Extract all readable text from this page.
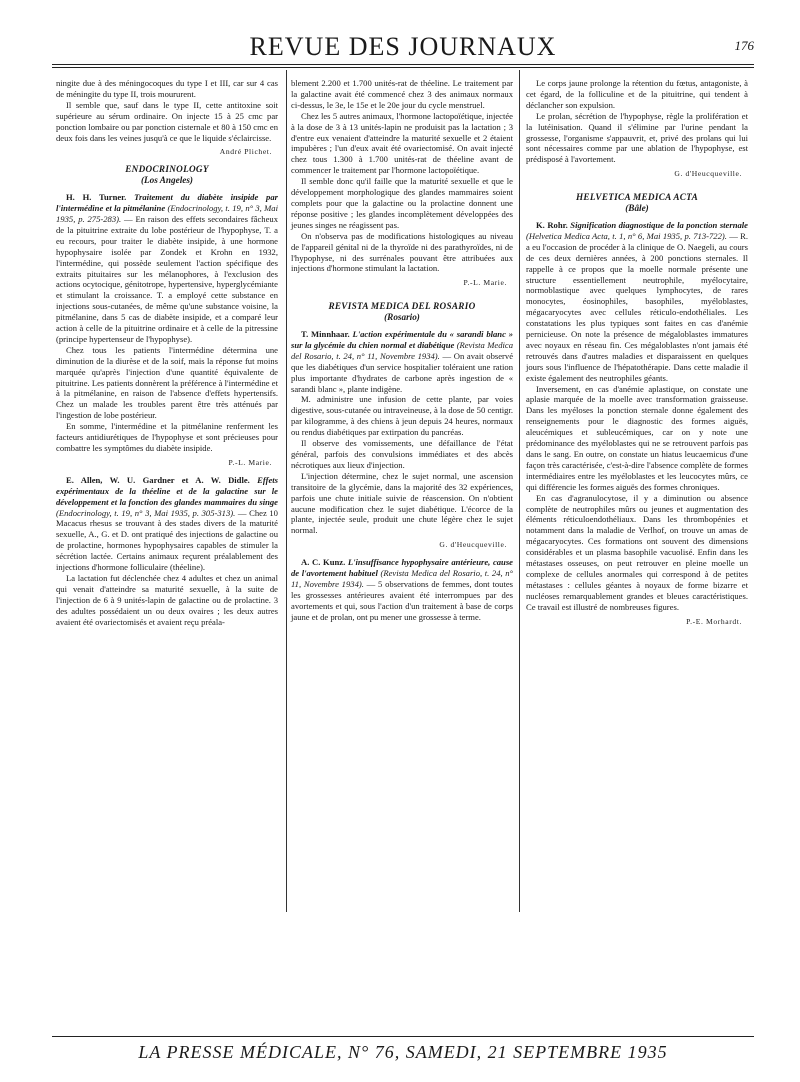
REVUE DES JOURNAUX	176

ningite due à des méningocoques du type I et III, car sur 4 cas de méningite du type II, trois moururent.

Il semble que, sauf dans le type II, cette antitoxine soit supérieure au sérum ordinaire. On injecte 15 à 25 cmc par ponction lombaire ou par ponction cisternale et 80 à 150 cmc en deux fois dans les veines jusqu'à ce que le liquide s'éclaircisse.

André Plichet.
ENDOCRINOLOGY
(Los Angeles)

H. H. Turner. Traitement du diabète insipide par l'intermédine et la pitmélanine (Endocrinology, t. 19, n° 3, Mai 1935, p. 275-283). — En raison des effets secondaires fâcheux de la pituitrine extraite du lobe postérieur de l'hypophyse, T. a eu recours, pour traiter le diabète insipide, à une hormone hypophysaire isolée par Zondek et Krohn en 1932, l'intermédine, qui possède seulement l'action spécifique des extraits pituitaires sur les mélanophores, à l'exclusion des actions ocytocique, génitotrope, hypertensive, hyperglycémiante et stimulant la croissance. T. a employé cette substance en injections sous-cutanées, de même qu'une substance voisine, la pitmélanine, dans 5 cas de diabète insipide, et a comparé leur action à celle de la pituitrine ordinaire et à celle de la pitressine (principe hypertenseur de l'hypophyse).

Chez tous les patients l'intermédine détermina une diminution de la diurèse et de la soif, mais la réponse fut moins marquée qu'après l'injection d'une quantité équivalente de pituitrine. Les patients donnèrent la préférence à l'intermédine et à la pitmélanine, en raison de l'absence d'effets hypertensifs. Chez un malade les troubles parent être très atténués par l'ingestion de lobe postérieur.

En somme, l'intermédine et la pitmélanine renferment les facteurs antidiurétiques de l'hypophyse et sont précieuses pour combattre les symptômes du diabète insipide.

P.-L. Marie.

E. Allen, W. U. Gardner et A. W. Didle. Effets expérimentaux de la théeline et de la galactine sur le développement et la fonction des glandes mammaires du singe (Endocrinology, t. 19, n° 3, Mai 1935, p. 305-313). — Chez 10 Macacus rhesus se trouvant à des stades divers de la maturité sexuelle, A., G. et D. ont pratiqué des injections de galactine ou de prolactine, hormones hypophysaires capables de stimuler la sécrétion lactée. Certains animaux reçurent préalablement des injections d'hormone folliculaire (théeline).

La lactation fut déclenchée chez 4 adultes et chez un animal qui venait d'atteindre sa maturité sexuelle, à la suite de l'injection de 6 à 9 unités-lapin de galactine ou de prolactine. 3 des adultes possédaient un ou deux ovaires ; les deux autres avaient été ovariectomisés et avaient reçu préala-

blement 2.200 et 1.700 unités-rat de théeline. Le traitement par la galactine avait été commencé chez 3 des animaux normaux ci-dessus, le 3e, le 15e et le 20e jour du cycle menstruel.

Chez les 5 autres animaux, l'hormone lactopoïétique, injectée à la dose de 3 à 13 unités-lapin ne produisit pas la lactation ; 3 d'entre eux venaient d'atteindre la maturité sexuelle et 2 étaient impubères ; l'un d'eux avait été ovariectomisé. On avait injecté chez tous 1.300 à 1.700 unités-rat de théeline avant de commencer le traitement par l'hormone lactopoïétique.

Il semble donc qu'il faille que la maturité sexuelle et que le développement morphologique des glandes mammaires soient complets pour que la galactine ou la prolactine donnent une réponse positive ; les glandes incomplètement développées des jeunes singes ne réagissent pas.

On n'observa pas de modifications histologiques au niveau de l'appareil génital ni de la thyroïde ni des parathyroïdes, ni de l'hypophyse, ni des surrénales pouvant être attribuées aux injections d'hormone stimulant la lactation.

P.-L. Marie.
REVISTA MEDICA DEL ROSARIO
(Rosario)

T. Minnhaar. L'action expérimentale du « sarandi blanc » sur la glycémie du chien normal et diabétique (Revista Medica del Rosario, t. 24, n° 11, Novembre 1934). — On avait observé que les diabétiques d'un service hospitalier toléraient une ration plus importante d'hydrates de carbone après ingestion de « sarandi blanc », plante indigène.

M. administre une infusion de cette plante, par voies digestive, sous-cutanée ou intraveineuse, à la dose de 50 centigr. par kilogramme, à des chiens à jeun depuis 24 heures, normaux ou rendus diabétiques par extirpation du pancréas.

Il observe des vomissements, une défaillance de l'état général, parfois des convulsions immédiates et des abcès nécrotiques aux lieux d'injection.

L'injection détermine, chez le sujet normal, une ascension transitoire de la glycémie, dans la majorité des 32 expériences, parfois une chute initiale suivie de réascension. On n'obtient aucune modification chez le sujet diabétique. L'écorce de la plante, injectée seule, produit une chute légère chez le sujet normal.

G. d'Heucqueville.

A. C. Kunz. L'insuffisance hypophysaire antérieure, cause de l'avortement habituel (Revista Medica del Rosario, t. 24, n° 11, Novembre 1934). — 5 observations de femmes, dont toutes les grossesses antérieures avaient été interrompues par des avortements et qui, sous l'action d'un traitement à base de corps jaune et de prolan, ont pu mener une grossesse à terme.

Le corps jaune prolonge la rétention du fœtus, antagoniste, à cet égard, de la folliculine et de la pituitrine, qui tendent à déclancher son expulsion.

Le prolan, sécrétion de l'hypophyse, règle la prolifération et la lutéinisation. Quand il s'élimine par l'urine pendant la grossesse, l'organisme s'appauvrit, et, privé des prolans qui lui sont nécessaires comme par une ablation de l'hypophyse, est prédisposé à l'avortement.

G. d'Heucqueville.
HELVETICA MEDICA ACTA
(Bâle)

K. Rohr. Signification diagnostique de la ponction sternale (Helvetica Medica Acta, t. 1, n° 6, Mai 1935, p. 713-722). — R. a eu l'occasion de procéder à la clinique de O. Naegeli, au cours de ces deux dernières années, à 200 ponctions sternales. Il rappelle à ce propos que la moelle normale présente une structure essentiellement neutrophile, myélocytaire, normoblastique avec quelques lymphocytes, de rares monocytes, éosinophiles, basophiles, myéloblastes, mégacaryocytes avec cellules réticulo-endothéliales. Les constatations les plus typiques sont faites en cas d'anémie pernicieuse. On note la présence de mégaloblastes immatures avec noyaux en réseau fin. Ces mégaloblastes n'ont jamais été retrouvés dans d'autres maladies et disparaissent en quelques jours sous l'influence de l'hépatothérapie. Dans cette maladie il existe également des neutrophiles géants.

Inversement, en cas d'anémie aplastique, on constate une aplasie marquée de la moelle avec transformation graisseuse. Dans les myéloses la ponction sternale donne également des renseignements pour le diagnostic des formes aiguës, aleucémiques et subleucémiques, car on y note une prédominance des myéloblastes qui ne se retrouvent parfois pas dans le sang. En outre, on constate un hiatus leucaemicus d'une façon très caractérisée, c'est-à-dire l'absence complète de formes intermédiaires entre les myéloblastes et les leucocytes mûrs, ce qui différencie les formes aiguës des formes chroniques.

En cas d'agranulocytose, il y a diminution ou absence complète de neutrophiles mûrs ou jeunes et augmentation des éléments réticuloendothéliaux. Dans les thrombopénies et notamment dans la maladie de Verlhof, on trouve un amas de mégacaryocytes. Ces formations ont souvent des dimensions considérables et un plasma basophile vacuolisé. Enfin dans les métastases osseuses, on peut retrouver en pleine moelle un complexe de cellules anormales qui correspond à de petites métastases : cellules géantes à noyaux de forme bizarre et nucléoses remarquablement grandes et bleues caractéristiques. Ce travail est illustré de nombreuses figures.

P.-E. Morhardt.
LA PRESSE MÉDICALE, N° 76, SAMEDI, 21 SEPTEMBRE 1935
